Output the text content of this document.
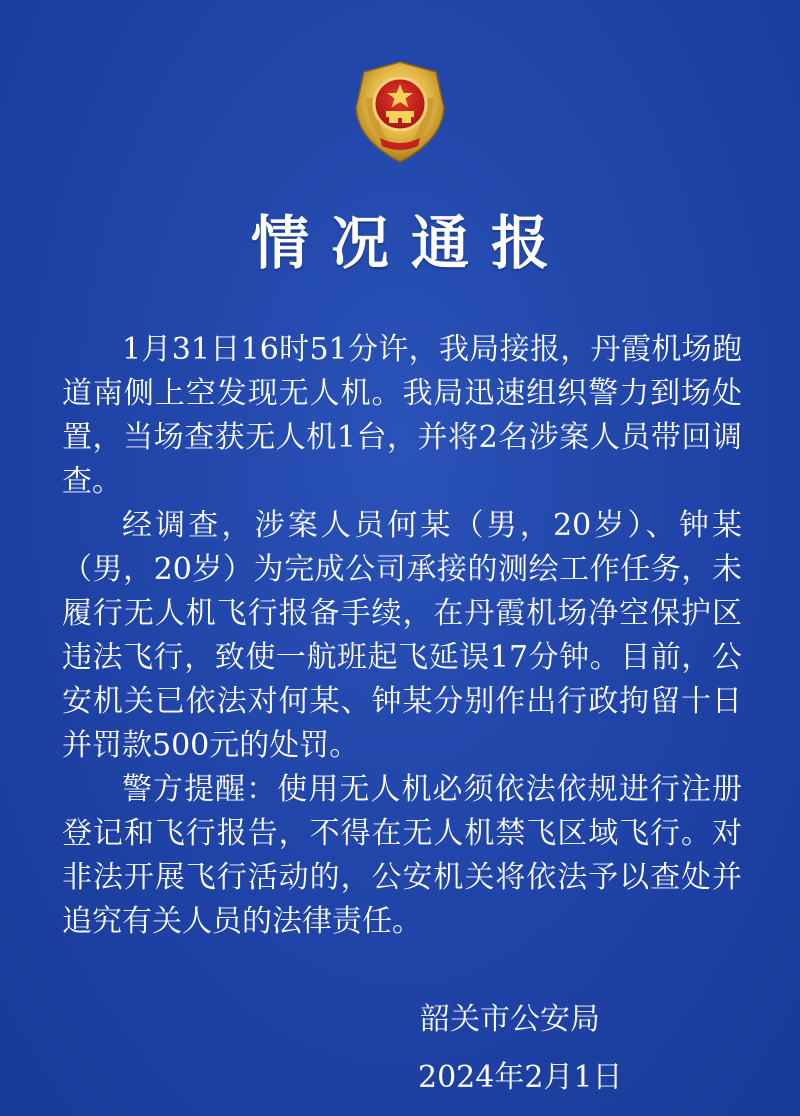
情况通报

1月31日16时51分许，我局接报，丹霞机场跑道南侧上空发现无人机。我局迅速组织警力到场处置，当场查获无人机1台，并将2名涉案人员带回调查。

经调查，涉案人员何某（男，20岁）、钟某（男，20岁）为完成公司承接的测绘工作任务，未履行无人机飞行报备手续，在丹霞机场净空保护区违法飞行，致使一航班起飞延误17分钟。目前，公安机关已依法对何某、钟某分别作出行政拘留十日并罚款500元的处罚。

警方提醒：使用无人机必须依法依规进行注册登记和飞行报告，不得在无人机禁飞区域飞行。对非法开展飞行活动的，公安机关将依法予以查处并追究有关人员的法律责任。

韶关市公安局
2024年2月1日
